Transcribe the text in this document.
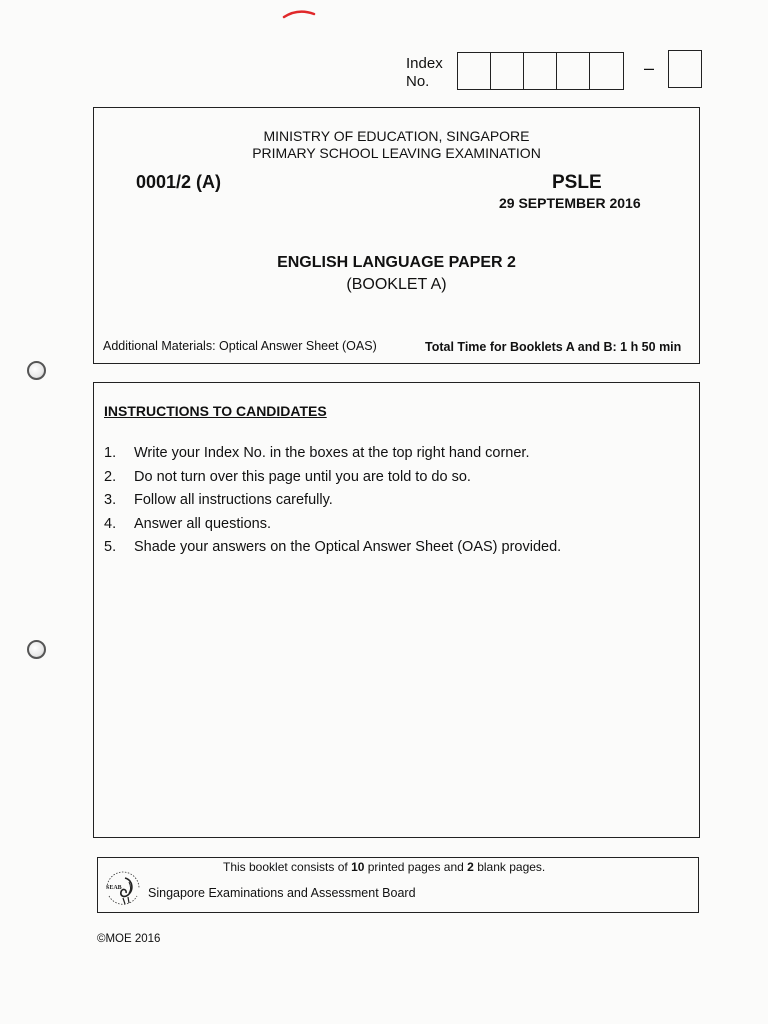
Index
No.
–
MINISTRY OF EDUCATION, SINGAPORE
PRIMARY SCHOOL LEAVING EXAMINATION
0001/2 (A)	PSLE
29 SEPTEMBER 2016
ENGLISH LANGUAGE PAPER 2
(BOOKLET A)
Additional Materials: Optical Answer Sheet (OAS)	Total Time for Booklets A and B: 1 h 50 min
INSTRUCTIONS TO CANDIDATES
1.	Write your Index No. in the boxes at the top right hand corner.
2.	Do not turn over this page until you are told to do so.
3.	Follow all instructions carefully.
4.	Answer all questions.
5.	Shade your answers on the Optical Answer Sheet (OAS) provided.
This booklet consists of 10 printed pages and 2 blank pages.
SEAB Singapore Examinations and Assessment Board
©MOE 2016
